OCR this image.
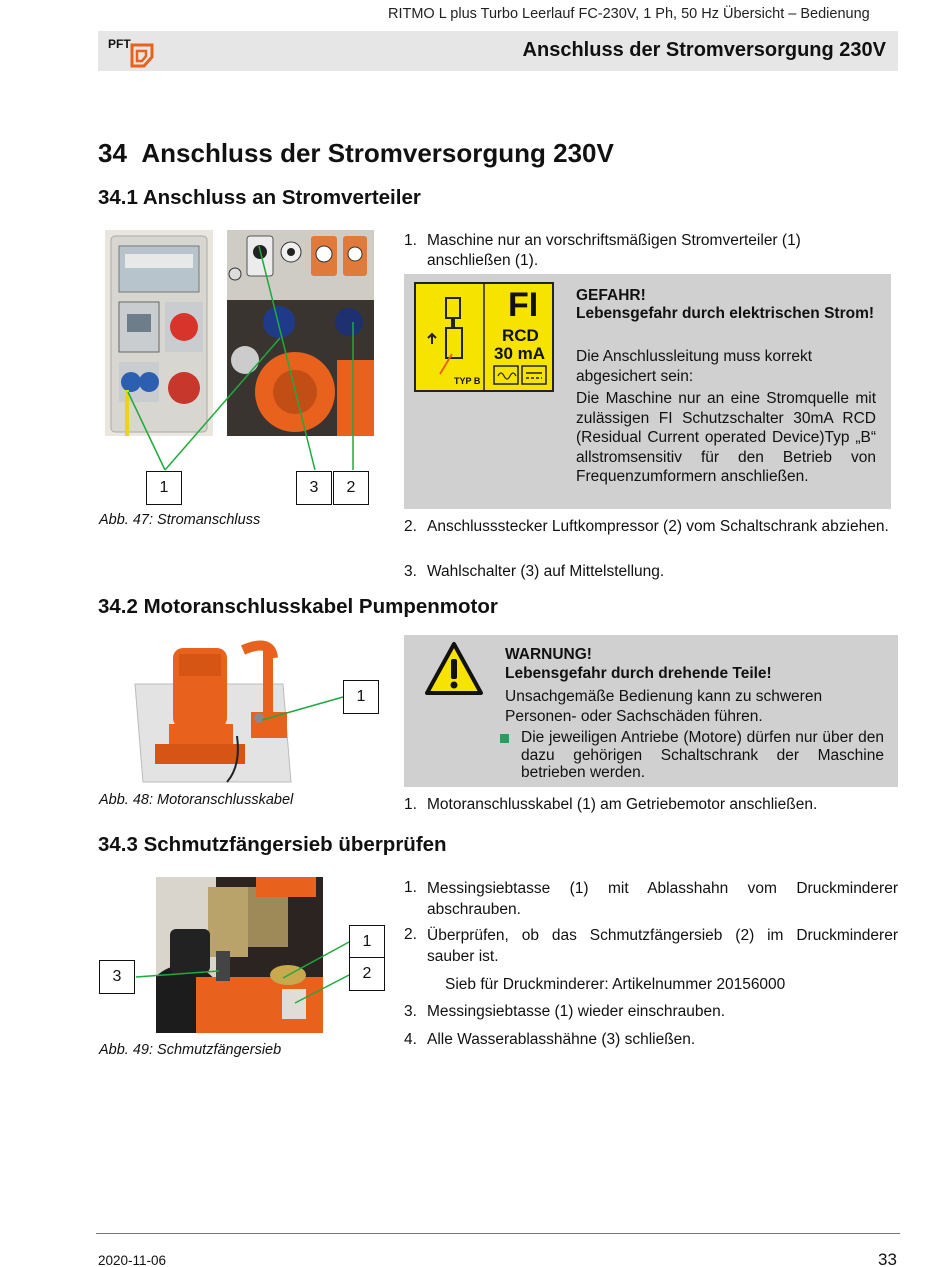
RITMO L plus Turbo Leerlauf FC-230V, 1 Ph, 50 Hz Übersicht – Bedienung
PFT	Anschluss der Stromversorgung 230V
34 Anschluss der Stromversorgung 230V
34.1 Anschluss an Stromverteiler
1	3	2
Abb. 47: Stromanschluss
1. Maschine nur an vorschriftsmäßigen Stromverteiler (1) anschließen (1).
FI
RCD
30 mA
TYP B
GEFAHR!
Lebensgefahr durch elektrischen Strom!
Die Anschlussleitung muss korrekt abgesichert sein:
Die Maschine nur an eine Stromquelle mit zulässigen FI Schutzschalter 30mA RCD (Residual Current operated Device)Typ „B“ allstromsensitiv für den Betrieb von Frequenzumformern anschließen.
2. Anschlussstecker Luftkompressor (2) vom Schaltschrank abziehen.
3. Wahlschalter (3) auf Mittelstellung.
34.2 Motoranschlusskabel Pumpenmotor
1
Abb. 48: Motoranschlusskabel
WARNUNG!
Lebensgefahr durch drehende Teile!
Unsachgemäße Bedienung kann zu schweren Personen- oder Sachschäden führen.
Die jeweiligen Antriebe (Motore) dürfen nur über den dazu gehörigen Schaltschrank der Maschine betrieben werden.
1. Motoranschlusskabel (1) am Getriebemotor anschließen.
34.3 Schmutzfängersieb überprüfen
3
1
2
Abb. 49: Schmutzfängersieb
1. Messingsiebtasse (1) mit Ablasshahn vom Druckminderer abschrauben.
2. Überprüfen, ob das Schmutzfängersieb (2) im Druckminderer sauber ist.
Sieb für Druckminderer: Artikelnummer 20156000
3. Messingsiebtasse (1) wieder einschrauben.
4. Alle Wasserablasshähne (3) schließen.
2020-11-06	33
